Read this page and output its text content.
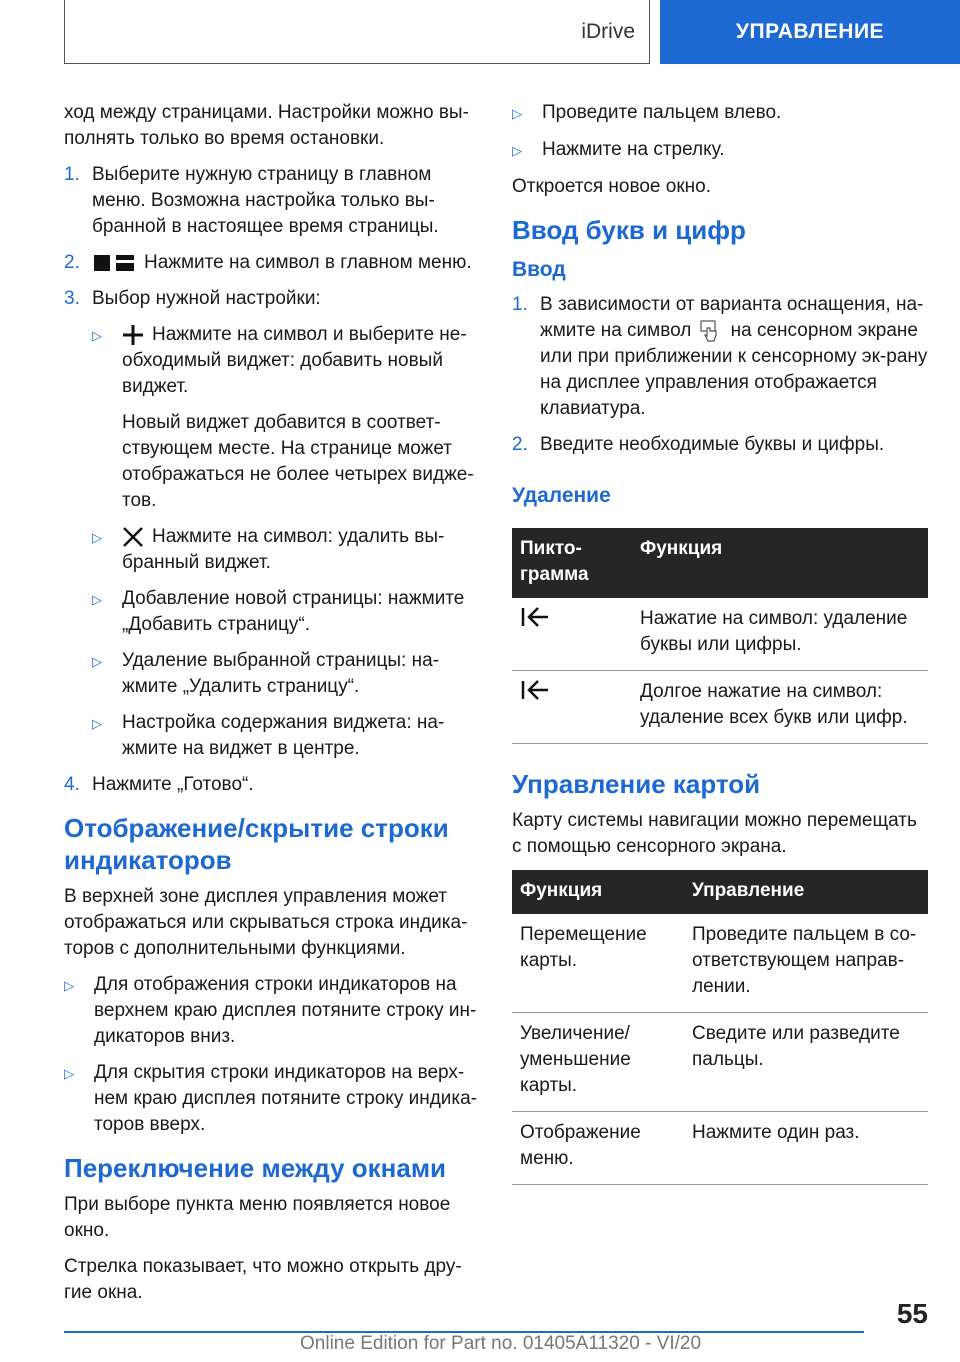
iDrive	УПРАВЛЕНИЕ

ход между страницами. Настройки можно вы-полнять только во время остановки.

1. Выберите нужную страницу в главном меню. Возможна настройка только вы-бранной в настоящее время страницы.
2.	Нажмите на символ в главном меню.
3. Выбор нужной настройки:
▷	Нажмите на символ и выберите не-обходимый виджет: добавить новый виджет.

Новый виджет добавится в соответ-ствующем месте. На странице может отображаться не более четырех видже-тов.

▷	Нажмите на символ: удалить вы-бранный виджет.
▷	Добавление новой страницы: нажмите „Добавить страницу“.
▷	Удаление выбранной страницы: на-жмите „Удалить страницу“.
▷	Настройка содержания виджета: на-жмите на виджет в центре.
4. Нажмите „Готово“.
Отображение/скрытие строки индикаторов

В верхней зоне дисплея управления может отображаться или скрываться строка индика-торов с дополнительными функциями.

▷	Для отображения строки индикаторов на верхнем краю дисплея потяните строку ин-дикаторов вниз.
▷	Для скрытия строки индикаторов на верх-нем краю дисплея потяните строку индика-торов вверх.
Переключение между окнами

При выборе пункта меню появляется новое окно.

Стрелка показывает, что можно открыть дру-гие окна.

▷	Проведите пальцем влево.
▷	Нажмите на стрелку.

Откроется новое окно.

Ввод букв и цифр
Ввод
1. В зависимости от варианта оснащения, на-жмите на символ на сенсорном экране или при приближении к сенсорному эк-рану на дисплее управления отображается клавиатура.
2. Введите необходимые буквы и цифры.
Удаление
Пикто-грамма	Функция
	Нажатие на символ: удаление буквы или цифры.
	Долгое нажатие на символ: удаление всех букв или цифр.
Управление картой

Карту системы навигации можно перемещать с помощью сенсорного экрана.

Функция	Управление
Перемещение карты.	Проведите пальцем в со-ответствующем направ-лении.
Увеличение/ уменьшение карты.	Сведите или разведите пальцы.
Отображение меню.	Нажмите один раз.
55
Online Edition for Part no. 01405A11320 - VI/20
